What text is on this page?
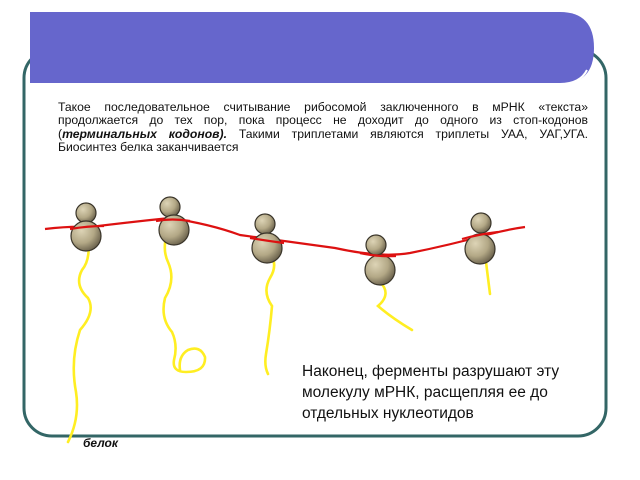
Такое последовательное считывание рибосомой заключенного в мРНК «текста» продолжается до тех пор, пока процесс не доходит до одного из стоп-кодонов (терминальных кодонов). Такими триплетами являются триплеты УАА, УАГ,УГА. Биосинтез белка заканчивается
Наконец, ферменты разрушают эту молекулу мРНК, расщепляя ее до отдельных нуклеотидов
белок
